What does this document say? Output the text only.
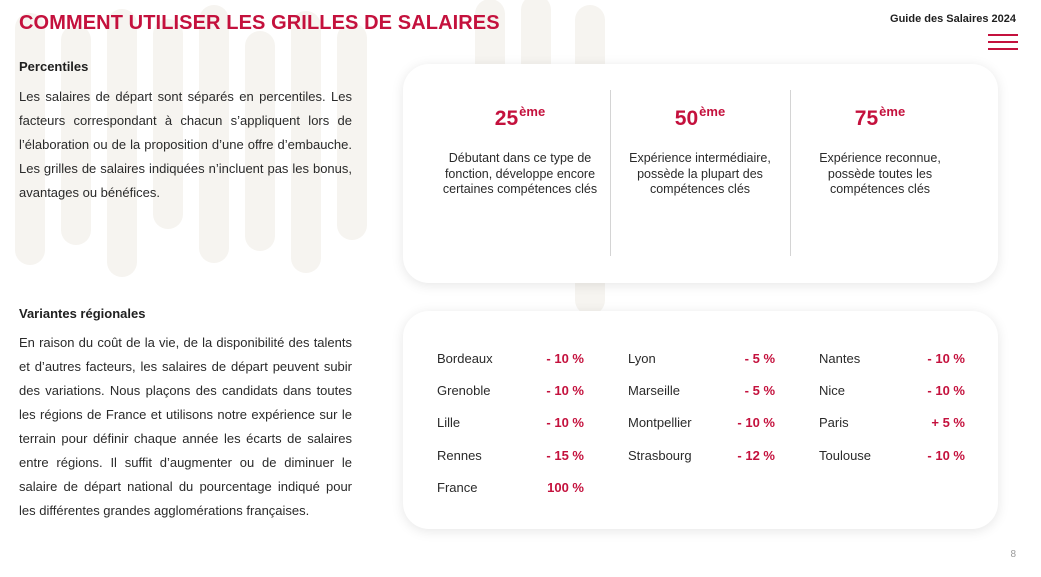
COMMENT UTILISER LES GRILLES DE SALAIRES	Guide des Salaires 2024
Percentiles
Les salaires de départ sont séparés en percentiles. Les facteurs correspondant à chacun s’appliquent lors de l’élaboration ou de la proposition d’une offre d’embauche. Les grilles de salaires indiquées n’incluent pas les bonus, avantages ou bénéfices.
Variantes régionales
En raison du coût de la vie, de la disponibilité des talents et d’autres facteurs, les salaires de départ peuvent subir des variations. Nous plaçons des candidats dans toutes les régions de France et utilisons notre expérience sur le terrain pour définir chaque année les écarts de salaires entre régions. Il suffit d’augmenter ou de diminuer le salaire de départ national du pourcentage indiqué pour les différentes grandes agglomérations françaises.
25ème
Débutant dans ce type de fonction, développe encore certaines compétences clés
50ème
Expérience intermédiaire, possède la plupart des compétences clés
75ème
Expérience reconnue, possède toutes les compétences clés
Bordeaux	- 10 %	Lyon	- 5 %	Nantes	- 10 %
Grenoble	- 10 %	Marseille	- 5 %	Nice	- 10 %
Lille	- 10 %	Montpellier	- 10 %	Paris	+ 5 %
Rennes	- 15 %	Strasbourg	- 12 %	Toulouse	- 10 %
France	100 %
8
